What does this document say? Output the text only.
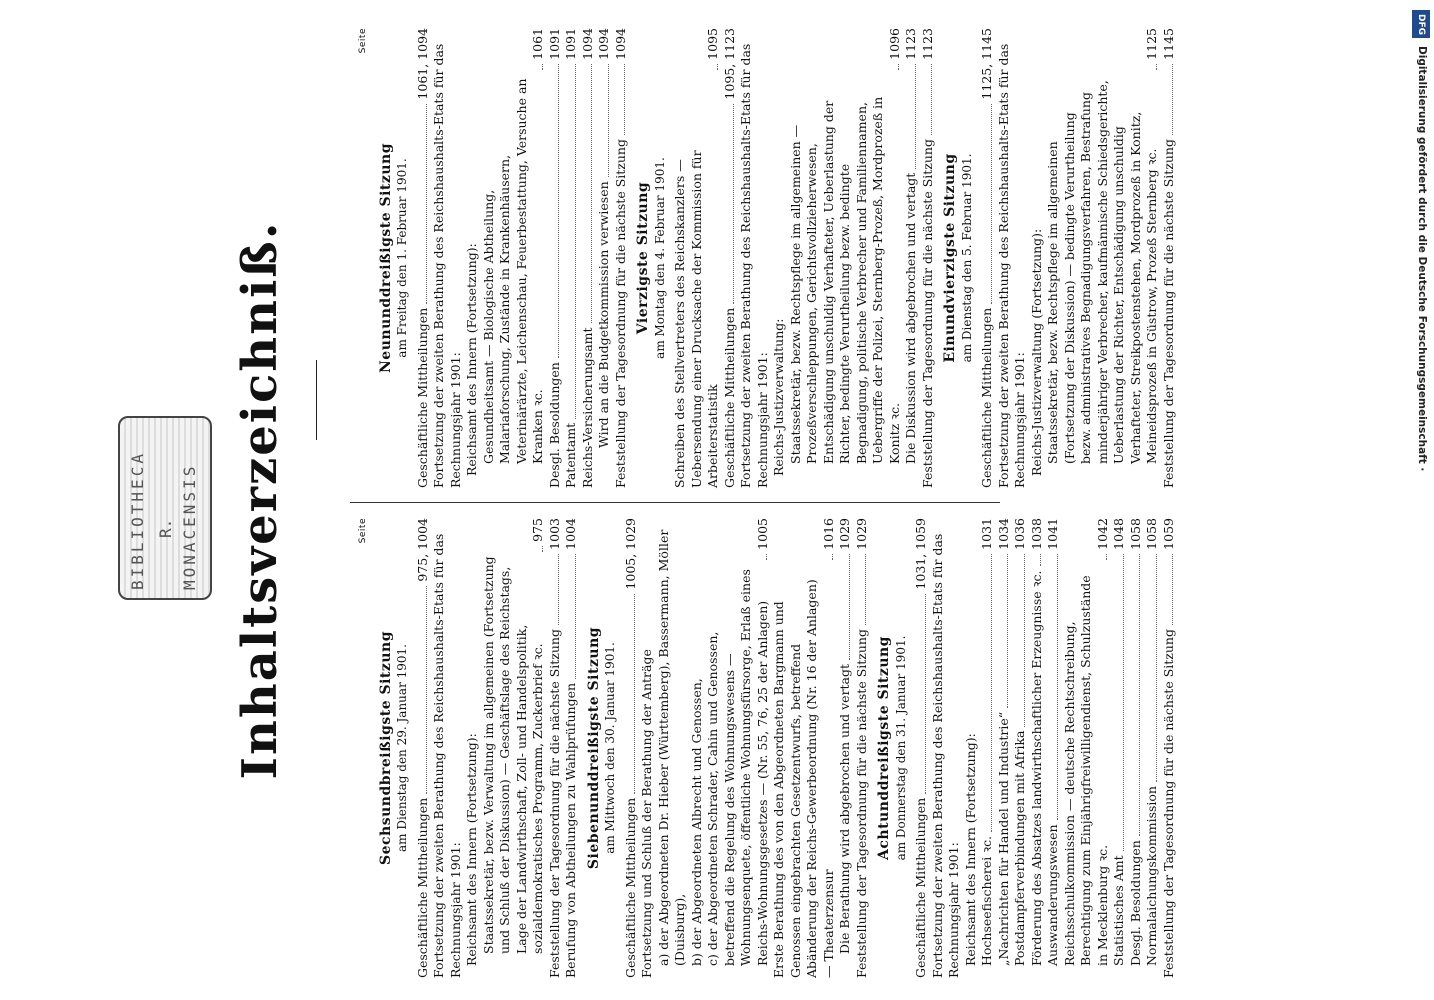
BIBLIOTHECA R. MONACENSIS Inhaltsverzeichniß.	Seite
Sechsundbreißigste Sitzung am Dienstag den 29. Januar 1901.
Geschäftliche Mittheilungen
975, 1004 Fortsetzung der zweiten Berathung des Reichshaushalts-Etats für das Rechnungsjahr 1901: Reichsamt des Innern (Fortsetzung): Staatssekretär, bezw. Verwaltung im allgemeinen (Fortsetzung und Schluß der Diskussion) — Geschäftslage des Reichstags, Lage der Landwirthschaft, Zoll- und Handelspolitik, sozialdemokratisches Programm, Zuckerbrief ꝛc.
975
Feststellung der Tagesordnung für die nächste Sitzung
1003
Berufung von Abtheilungen zu Wahlprüfungen
1004
Siebenunddreißigste Sitzung am Mittwoch den 30. Januar 1901.
Geschäftliche Mittheilungen
1005, 1029
Fortsetzung und Schluß der Berathung der Anträge a) der Abgeordneten Dr. Hieber (Württemberg), Bassermann, Möller (Duisburg), b) der Abgeordneten Albrecht und Genossen, c) der Abgeordneten Schrader, Cahin und Genossen, betreffend die Regelung des Wohnungswesens — Wohnungsenquete, öffentliche Wohnungsfürsorge, Erlaß eines Reichs-Wohnungsgesetzes — (Nr. 55, 76, 25 der Anlagen)
1005
Erste Berathung des von den Abgeordneten Bargmann und Genossen eingebrachten Gesetzentwurfs, betreffend Abänderung der Reichs-Gewerbeordnung (Nr. 16 der Anlagen) — Theaterzensur
1016
Die Berathung wird abgebrochen und vertagt
1029
Feststellung der Tagesordnung für die nächste Sitzung
1029
Achtunddreißigste Sitzung am Donnerstag den 31. Januar 1901.
Geschäftliche Mittheilungen
1031, 1059 Fortsetzung der zweiten Berathung des Reichshaushalts-Etats für das Rechnungsjahr 1901: Reichsamt des Innern (Fortsetzung): Hochseefischerei ꝛc.
1031
„Nachrichten für Handel und Industrie“
1034
Postdampferverbindungen mit Afrika
1036
Förderung des Absatzes landwirthschaftlicher Erzeugnisse ꝛc.
1038
Auswanderungswesen
1041
Reichsschulkommission — deutsche Rechtschreibung, Berechtigung zum Einjährigfreiwilligendienst, Schulzustände in Mecklenburg ꝛc.
1042
Statistisches Amt
1048
Desgl. Besoldungen
1058
Normalaichungskommission
1058
Feststellung der Tagesordnung für die nächste Sitzung
1059
Seite
Neununddreißigste Sitzung am Freitag den 1. Februar 1901.
Geschäftliche Mittheilungen
1061, 1094 Fortsetzung der zweiten Berathung des Reichshaushalts-Etats für das Rechnungsjahr 1901: Reichsamt des Innern (Fortsetzung): Gesundheitsamt — Biologische Abtheilung, Malariaforschung, Zustände in Krankenhäusern, Veterinärärzte, Leichenschau, Feuerbestattung, Versuche an Kranken ꝛc.
1061
Desgl. Besoldungen
1091
Patentamt
1091
Reichs-Versicherungsamt
1094
Wird an die Budgetkommission verwiesen
1094
Feststellung der Tagesordnung für die nächste Sitzung
1094
Vierzigste Sitzung am Montag den 4. Februar 1901. Schreiben des Stellvertreters des Reichskanzlers — Uebersendung einer Drucksache der Kommission für Arbeiterstatistik
1095
Geschäftliche Mittheilungen
1095, 1123 Fortsetzung der zweiten Berathung des Reichshaushalts-Etats für das Rechnungsjahr 1901: Reichs-Justizverwaltung: Staatssekretär, bezw. Rechtspflege im allgemeinen — Prozeßverschleppungen, Gerichtsvollzieherwesen, Entschädigung unschuldig Verhafteter, Ueberlastung der Richter, bedingte Verurtheilung bezw. bedingte Begnadigung, politische Verbrecher und Familiennamen, Uebergriffe der Polizei, Sternberg-Prozeß, Mordprozeß in Konitz ꝛc.
1096
Die Diskussion wird abgebrochen und vertagt
1123
Feststellung der Tagesordnung für die nächste Sitzung
1123
Einundvierzigste Sitzung am Dienstag den 5. Februar 1901.
Geschäftliche Mittheilungen
1125, 1145 Fortsetzung der zweiten Berathung des Reichshaushalts-Etats für das Rechnungsjahr 1901: Reichs-Justizverwaltung (Fortsetzung): Staatssekretär, bezw. Rechtspflege im allgemeinen (Fortsetzung der Diskussion) — bedingte Verurtheilung bezw. administratives Begnadigungsverfahren, Bestrafung minderjähriger Verbrecher, kaufmännische Schiedsgerichte, Ueberlastung der Richter, Entschädigung unschuldig Verhafteter, Streikpostenstehen, Mordprozeß in Konitz, Meineidsprozeß in Güstrow, Prozeß Sternberg ꝛc.
1125
Feststellung der Tagesordnung für die nächste Sitzung
1145
DFG
Digitalisierung gefördert durch die Deutsche Forschungsgemeinschaft ·
